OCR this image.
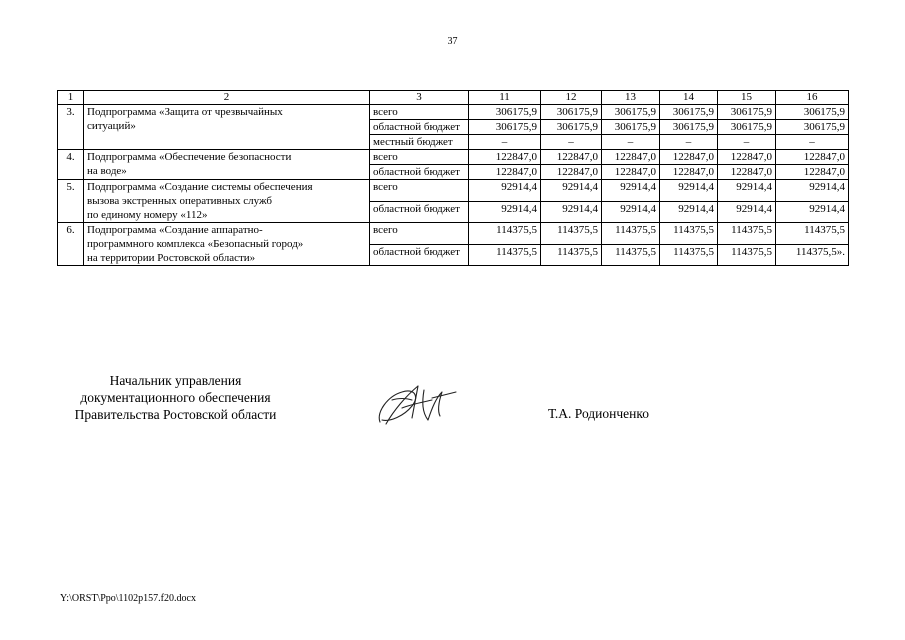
37
1	2	3	11	12	13	14	15	16
3.	Подпрограмма «Защита от чрезвычайных
ситуаций»	всего	306175,9	306175,9	306175,9	306175,9	306175,9	306175,9
		областной бюджет	306175,9	306175,9	306175,9	306175,9	306175,9	306175,9
		местный бюджет	–	–	–	–	–	–
4.	Подпрограмма «Обеспечение безопасности
на воде»	всего	122847,0	122847,0	122847,0	122847,0	122847,0	122847,0
		областной бюджет	122847,0	122847,0	122847,0	122847,0	122847,0	122847,0
5.	Подпрограмма «Создание системы обеспечения
вызова экстренных оперативных служб
по единому номеру «112»	всего	92914,4	92914,4	92914,4	92914,4	92914,4	92914,4
		областной бюджет	92914,4	92914,4	92914,4	92914,4	92914,4	92914,4
6.	Подпрограмма «Создание аппаратно-
программного комплекса «Безопасный город»
на территории Ростовской области»	всего	114375,5	114375,5	114375,5	114375,5	114375,5	114375,5
		областной бюджет	114375,5	114375,5	114375,5	114375,5	114375,5	114375,5».
Начальник управления
документационного обеспечения
Правительства Ростовской области	Т.А. Родионченко
Y:\ORST\Ppo\1102p157.f20.docx
